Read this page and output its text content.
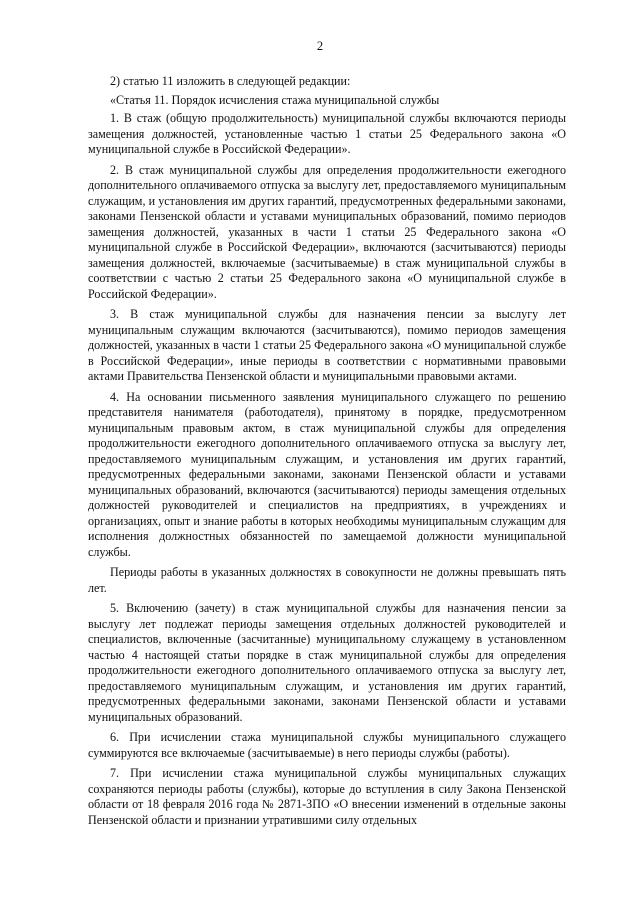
2

2) статью 11 изложить в следующей редакции:

«Статья 11. Порядок исчисления стажа муниципальной службы

1. В стаж (общую продолжительность) муниципальной службы включаются периоды замещения должностей, установленные частью 1 статьи 25 Федерального закона «О муниципальной службе в Российской Федерации».

2. В стаж муниципальной службы для определения продолжительности ежегодного дополнительного оплачиваемого отпуска за выслугу лет, предоставляемого муниципальным служащим, и установления им других гарантий, предусмотренных федеральными законами, законами Пензенской области и уставами муниципальных образований, помимо периодов замещения должностей, указанных в части 1 статьи 25 Федерального закона «О муниципальной службе в Российской Федерации», включаются (засчитываются) периоды замещения должностей, включаемые (засчитываемые) в стаж муниципальной службы в соответствии с частью 2 статьи 25 Федерального закона «О муниципальной службе в Российской Федерации».

3. В стаж муниципальной службы для назначения пенсии за выслугу лет муниципальным служащим включаются (засчитываются), помимо периодов замещения должностей, указанных в части 1 статьи 25 Федерального закона «О муниципальной службе в Российской Федерации», иные периоды в соответствии с нормативными правовыми актами Правительства Пензенской области и муниципальными правовыми актами.

4. На основании письменного заявления муниципального служащего по решению представителя нанимателя (работодателя), принятому в порядке, предусмотренном муниципальным правовым актом, в стаж муниципальной службы для определения продолжительности ежегодного дополнительного оплачиваемого отпуска за выслугу лет, предоставляемого муниципальным служащим, и установления им других гарантий, предусмотренных федеральными законами, законами Пензенской области и уставами муниципальных образований, включаются (засчитываются) периоды замещения отдельных должностей руководителей и специалистов на предприятиях, в учреждениях и организациях, опыт и знание работы в которых необходимы муниципальным служащим для исполнения должностных обязанностей по замещаемой должности муниципальной службы.

Периоды работы в указанных должностях в совокупности не должны превышать пять лет.

5. Включению (зачету) в стаж муниципальной службы для назначения пенсии за выслугу лет подлежат периоды замещения отдельных должностей руководителей и специалистов, включенные (засчитанные) муниципальному служащему в установленном частью 4 настоящей статьи порядке в стаж муниципальной службы для определения продолжительности ежегодного дополнительного оплачиваемого отпуска за выслугу лет, предоставляемого муниципальным служащим, и установления им других гарантий, предусмотренных федеральными законами, законами Пензенской области и уставами муниципальных образований.

6. При исчислении стажа муниципальной службы муниципального служащего суммируются все включаемые (засчитываемые) в него периоды службы (работы).

7. При исчислении стажа муниципальной службы муниципальных служащих сохраняются периоды работы (службы), которые до вступления в силу Закона Пензенской области от 18 февраля 2016 года № 2871-ЗПО «О внесении изменений в отдельные законы Пензенской области и признании утратившими силу отдельных
